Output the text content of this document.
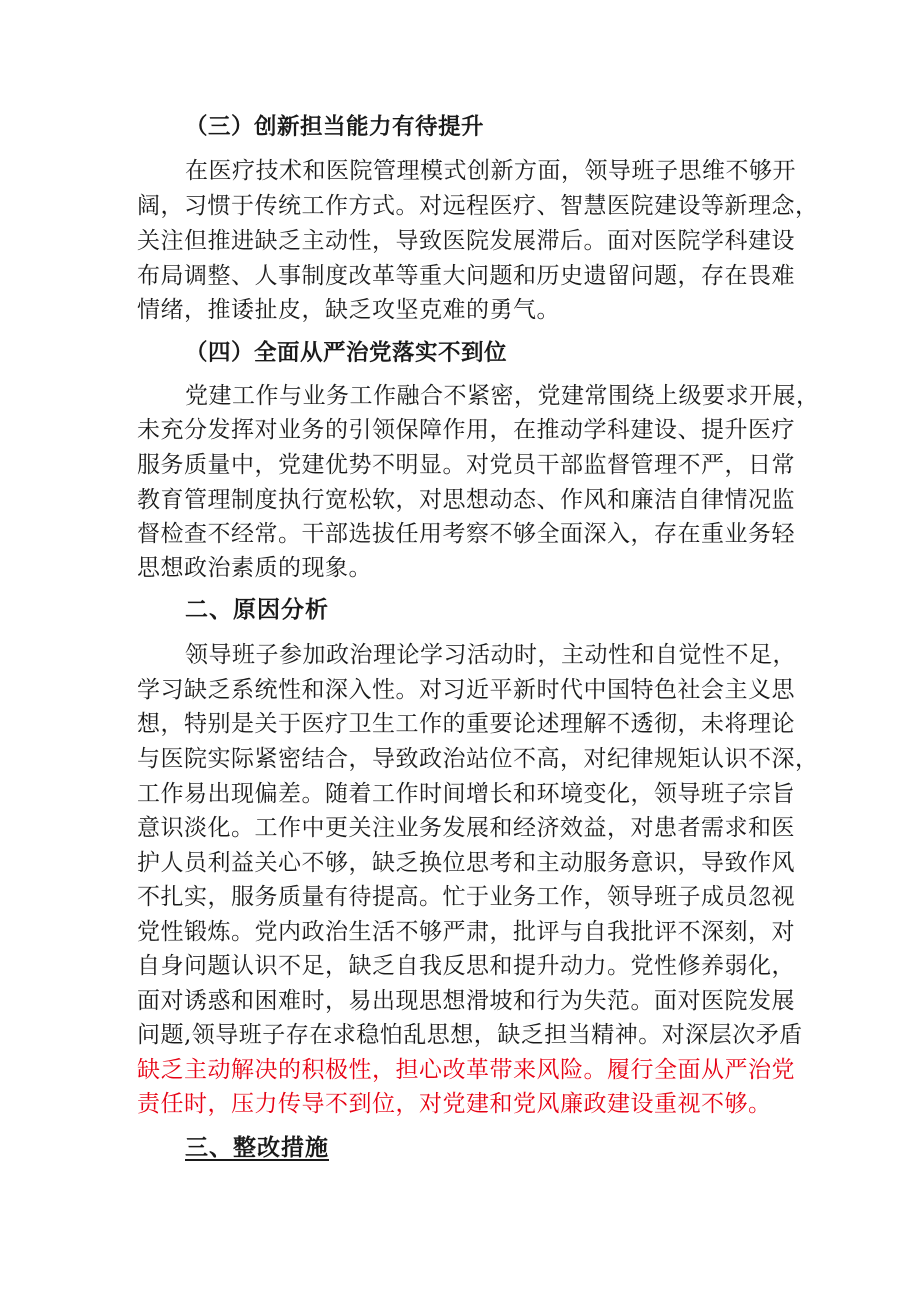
（三）创新担当能力有待提升
在医疗技术和医院管理模式创新方面，领导班子思维不够开
阔，习惯于传统工作方式。对远程医疗、智慧医院建设等新理念，
关注但推进缺乏主动性，导致医院发展滞后。面对医院学科建设
布局调整、人事制度改革等重大问题和历史遗留问题，存在畏难
情绪，推诿扯皮，缺乏攻坚克难的勇气。
（四）全面从严治党落实不到位
党建工作与业务工作融合不紧密，党建常围绕上级要求开展，
未充分发挥对业务的引领保障作用，在推动学科建设、提升医疗
服务质量中，党建优势不明显。对党员干部监督管理不严，日常
教育管理制度执行宽松软，对思想动态、作风和廉洁自律情况监
督检查不经常。干部选拔任用考察不够全面深入，存在重业务轻
思想政治素质的现象。
二、原因分析
领导班子参加政治理论学习活动时，主动性和自觉性不足，
学习缺乏系统性和深入性。对习近平新时代中国特色社会主义思
想，特别是关于医疗卫生工作的重要论述理解不透彻，未将理论
与医院实际紧密结合，导致政治站位不高，对纪律规矩认识不深，
工作易出现偏差。随着工作时间增长和环境变化，领导班子宗旨
意识淡化。工作中更关注业务发展和经济效益，对患者需求和医
护人员利益关心不够，缺乏换位思考和主动服务意识，导致作风
不扎实，服务质量有待提高。忙于业务工作，领导班子成员忽视
党性锻炼。党内政治生活不够严肃，批评与自我批评不深刻，对
自身问题认识不足，缺乏自我反思和提升动力。党性修养弱化，
面对诱惑和困难时，易出现思想滑坡和行为失范。面对医院发展
问题,领导班子存在求稳怕乱思想，缺乏担当精神。对深层次矛盾
缺乏主动解决的积极性，担心改革带来风险。履行全面从严治党
责任时，压力传导不到位，对党建和党风廉政建设重视不够。
三、整改措施
